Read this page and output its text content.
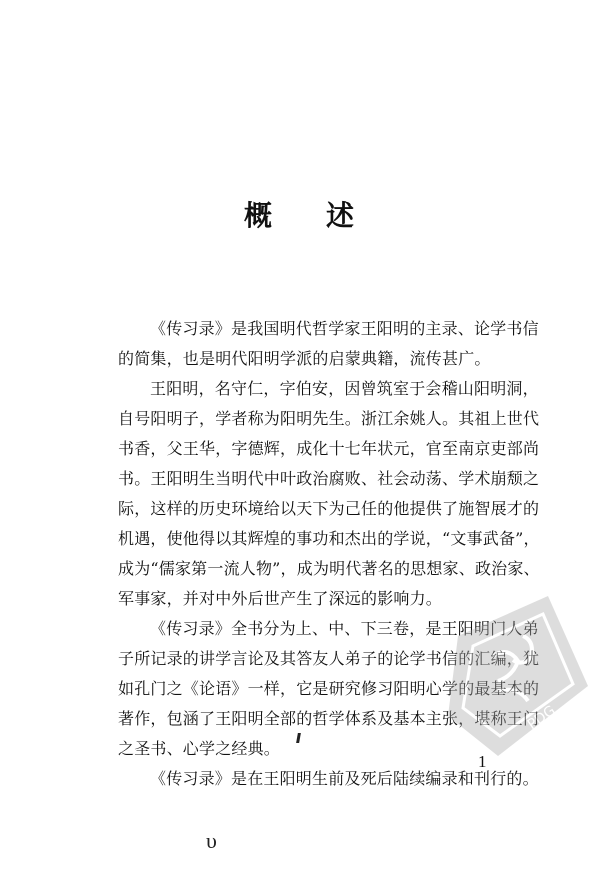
概 述
《传习录》是我国明代哲学家王阳明的主录、论学书信
的简集，也是明代阳明学派的启蒙典籍，流传甚广。
王阳明，名守仁，字伯安，因曾筑室于会稽山阳明洞，
自号阳明子，学者称为阳明先生。浙江余姚人。其祖上世代
书香，父王华，字德辉，成化十七年状元，官至南京吏部尚
书。王阳明生当明代中叶政治腐败、社会动荡、学术崩颓之
际，这样的历史环境给以天下为己任的他提供了施智展才的
机遇，使他得以其辉煌的事功和杰出的学说，“文事武备”，
成为“儒家第一流人物”，成为明代著名的思想家、政治家、
军事家，并对中外后世产生了深远的影响力。
《传习录》全书分为上、中、下三卷，是王阳明门人弟
子所记录的讲学言论及其答友人弟子的论学书信的汇编，犹
如孔门之《论语》一样，它是研究修习阳明心学的最基本的
著作，包涵了王阳明全部的哲学体系及基本主张，堪称王门
之圣书、心学之经典。
《传习录》是在王阳明生前及死后陆续编录和刊行的。
1
υ
PDG
